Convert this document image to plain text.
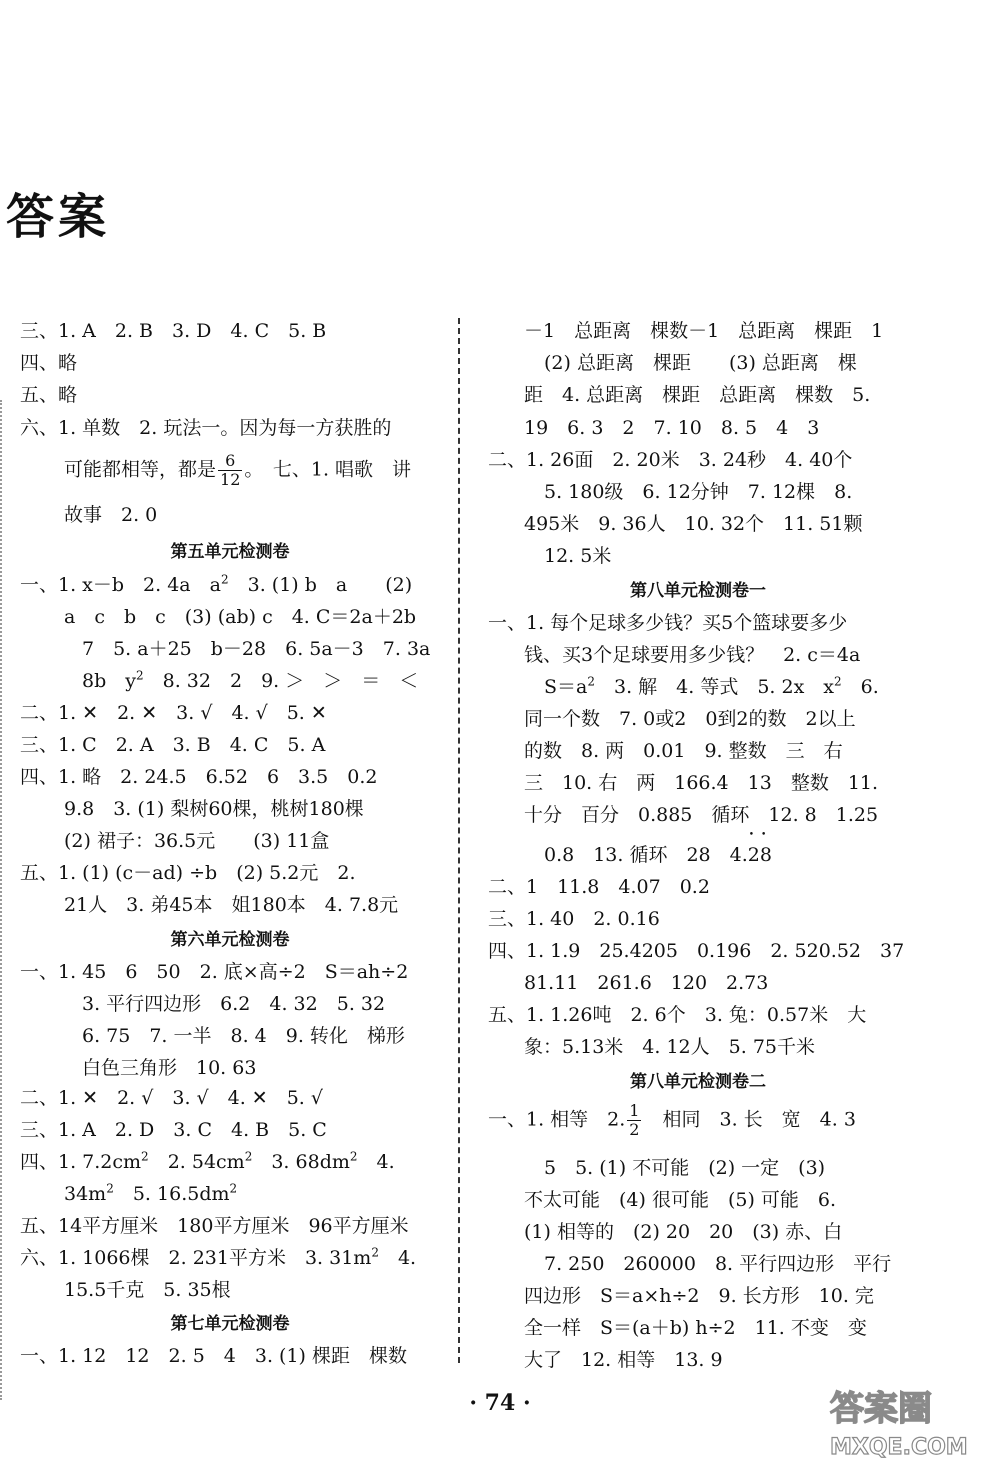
答案
三、1. A　2. B　3. D　4. C　5. B
四、略
五、略
六、1. 单数　2. 玩法一。因为每一方获胜的
可能都相等，都是 $\frac{6}{12}$ 。　七、1. 唱歌　讲
故事　2. 0
第五单元检测卷
一、1. x－b　2. 4a　$a^2$　3. (1) b　a　　(2)
a　c　b　c　(3) (ab) c　4. C＝2a＋2b
7　5. a＋25　b－28　6. 5a－3　7. 3a
8b　$y^2$　8. 32　2　9. ＞　＞　＝　＜
二、1. ✕　2. ✕　3. √　4. √　5. ✕
三、1. C　2. A　3. B　4. C　5. A
四、1. 略　2. 24.5　6.52　6　3.5　0.2
9.8　3. (1) 梨树60棵，桃树180棵
(2) 裙子：36.5元　　(3) 11盒
五、1. (1) (c－ad) ÷b　(2) 5.2元　2.
21人　3. 弟45本　姐180本　4. 7.8元
第六单元检测卷
一、1. 45　6　50　2. 底×高÷2　S＝ah÷2
3. 平行四边形　6.2　4. 32　5. 32
6. 75　7. 一半　8. 4　9. 转化　梯形
白色三角形　10. 63
二、1. ✕　2. √　3. √　4. ✕　5. √
三、1. A　2. D　3. C　4. B　5. C
四、1. $7.2cm^2$　2. $54cm^2$　3. $68dm^2$　4.
$34m^2$　5. $16.5dm^2$
五、14平方厘米　180平方厘米　96平方厘米
六、1. 1066棵　2. 231平方米　3. $31m^2$　4.
15.5千克　5. 35根
第七单元检测卷
一、1. 12　12　2. 5　4　3. (1) 棵距　棵数
－1　总距离　棵数－1　总距离　棵距　1
(2) 总距离　棵距　　(3) 总距离　棵
距　4. 总距离　棵距　总距离　棵数　5.
19　6. 3　2　7. 10　8. 5　4　3
二、1. 26面　2. 20米　3. 24秒　4. 40个
5. 180级　6. 12分钟　7. 12棵　8.
495米　9. 36人　10. 32个　11. 51颗
12. 5米
第八单元检测卷一
一、1. 每个足球多少钱？买5个篮球要多少
钱、买3个足球要用多少钱？　2. c＝4a
$S=a^2$　3. 解　4. 等式　5. 2x　$x^2$　6.
同一个数　7. 0或2　0到2的数　2以上
的数　8. 两　0.01　9. 整数　三　右
三　10. 右　两　166.4　13　整数　11.
十分　百分　0.885　循环　12. 8　1.25
0.8　13. 循环　28　4.• • 28
二、1　11.8　4.07　0.2
三、1. 40　2. 0.16
四、1. 1.9　25.4205　0.196　2. 520.52　37
81.11　261.6　120　2.73
五、1. 1.26吨　2. 6个　3. 兔：0.57米　大
象：5.13米　4. 12人　5. 75千米
第八单元检测卷二
一、1. 相等　2. $\frac{1}{2}$ 　相同　3. 长　宽　4. 3
5　5. (1) 不可能　(2) 一定　(3)
不太可能　(4) 很可能　(5) 可能　6.
(1) 相等的　(2) 20　20　(3) 赤、白
7. 250　260000　8. 平行四边形　平行
四边形　S＝a×h÷2　9. 长方形　10. 完
全一样　S＝(a＋b) h÷2　11. 不变　变
大了　12. 相等　13. 9
· 74 ·	答案圈
MXQE.COM
